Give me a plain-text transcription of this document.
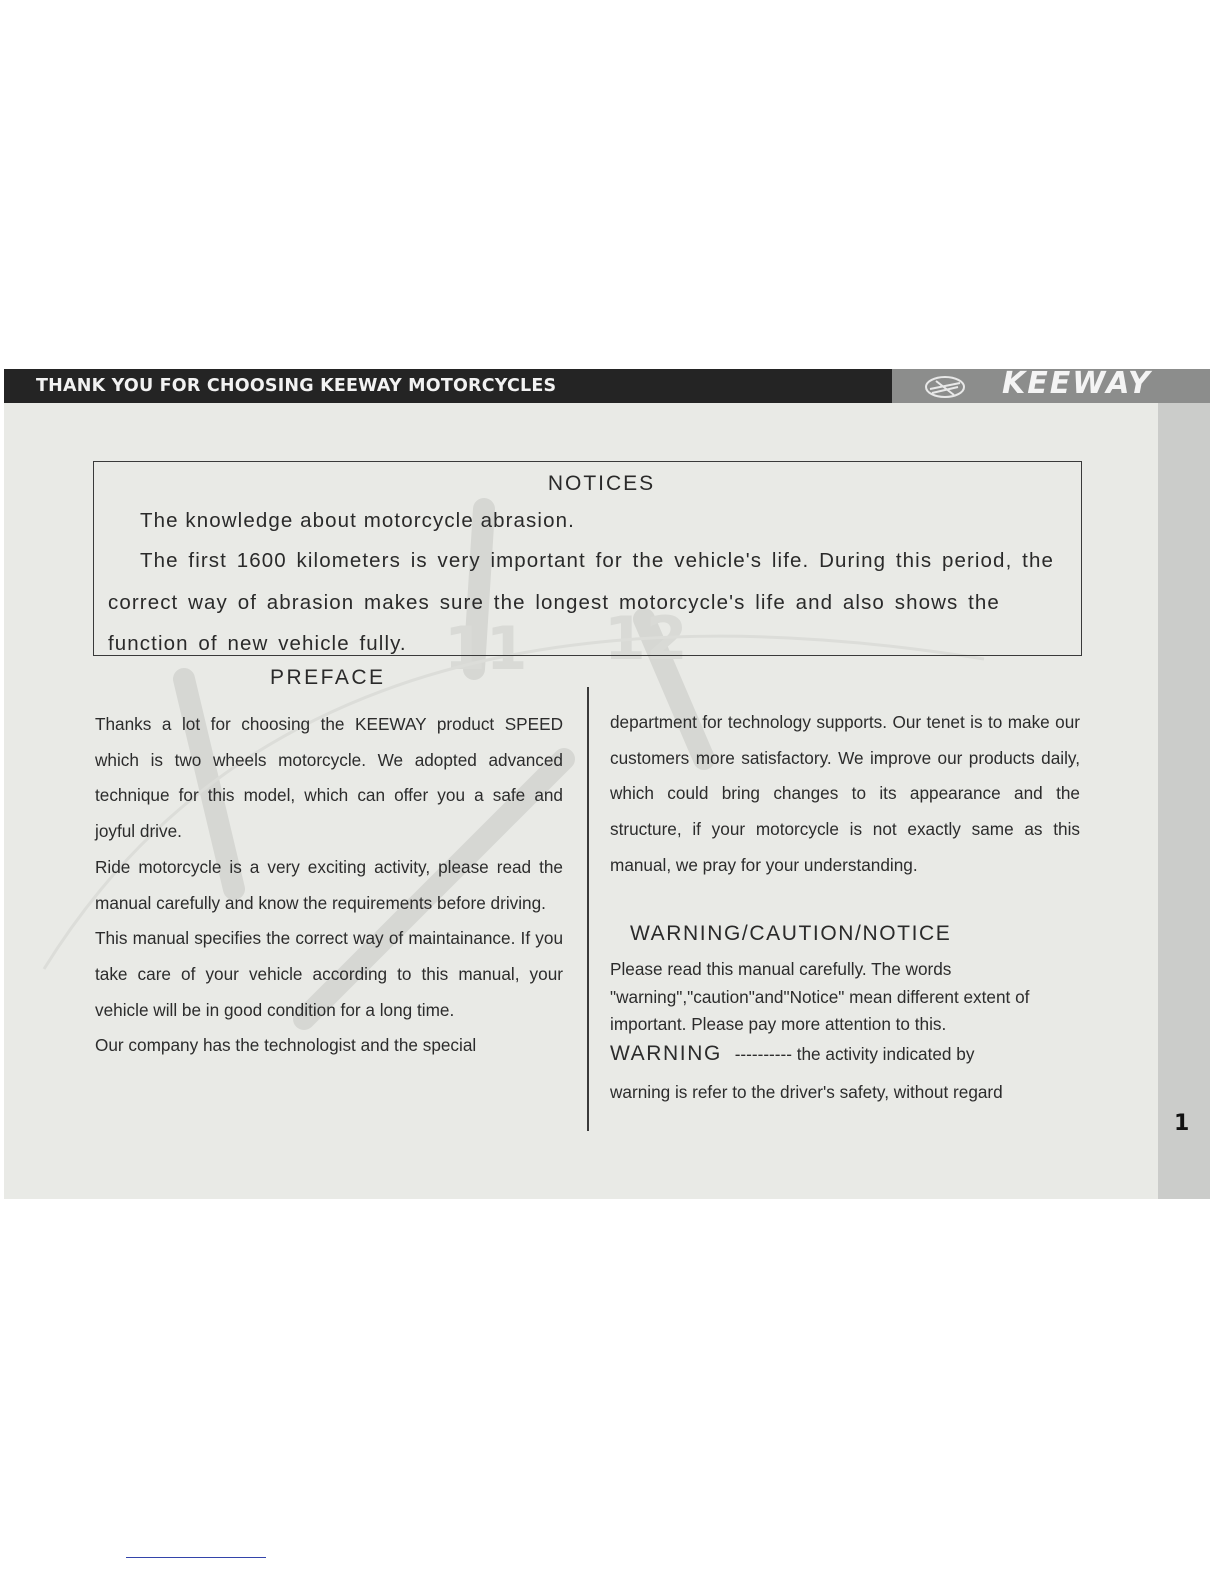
11 12
THANK YOU FOR CHOOSING KEEWAY MOTORCYCLES	KEEWAY
1
NOTICES
The knowledge about motorcycle abrasion.
The first 1600 kilometers is very important for the vehicle's life. During this period, the correct way of abrasion makes sure the longest motorcycle's life and also shows the function of new vehicle fully.
PREFACE

Thanks a lot for choosing the KEEWAY product SPEED which is two wheels motorcycle. We adopted advanced technique for this model, which can offer you a safe and joyful drive.

Ride motorcycle is a very exciting activity, please read the manual carefully and know the requirements before driving.

This manual specifies the correct way of maintainance. If you take care of your vehicle according to this manual, your vehicle will be in good condition for a long time.

Our company has the technologist and the special

department for technology supports. Our tenet is to make our customers more satisfactory. We improve our products daily, which could bring changes to its appearance and the structure, if your motorcycle is not exactly same as this manual, we pray for your understanding.

WARNING/CAUTION/NOTICE
Please read this manual carefully. The words "warning","caution"and"Notice" mean different extent of important. Please pay more attention to this.
WARNING ---------- the activity indicated by
warning is refer to the driver's safety, without regard
